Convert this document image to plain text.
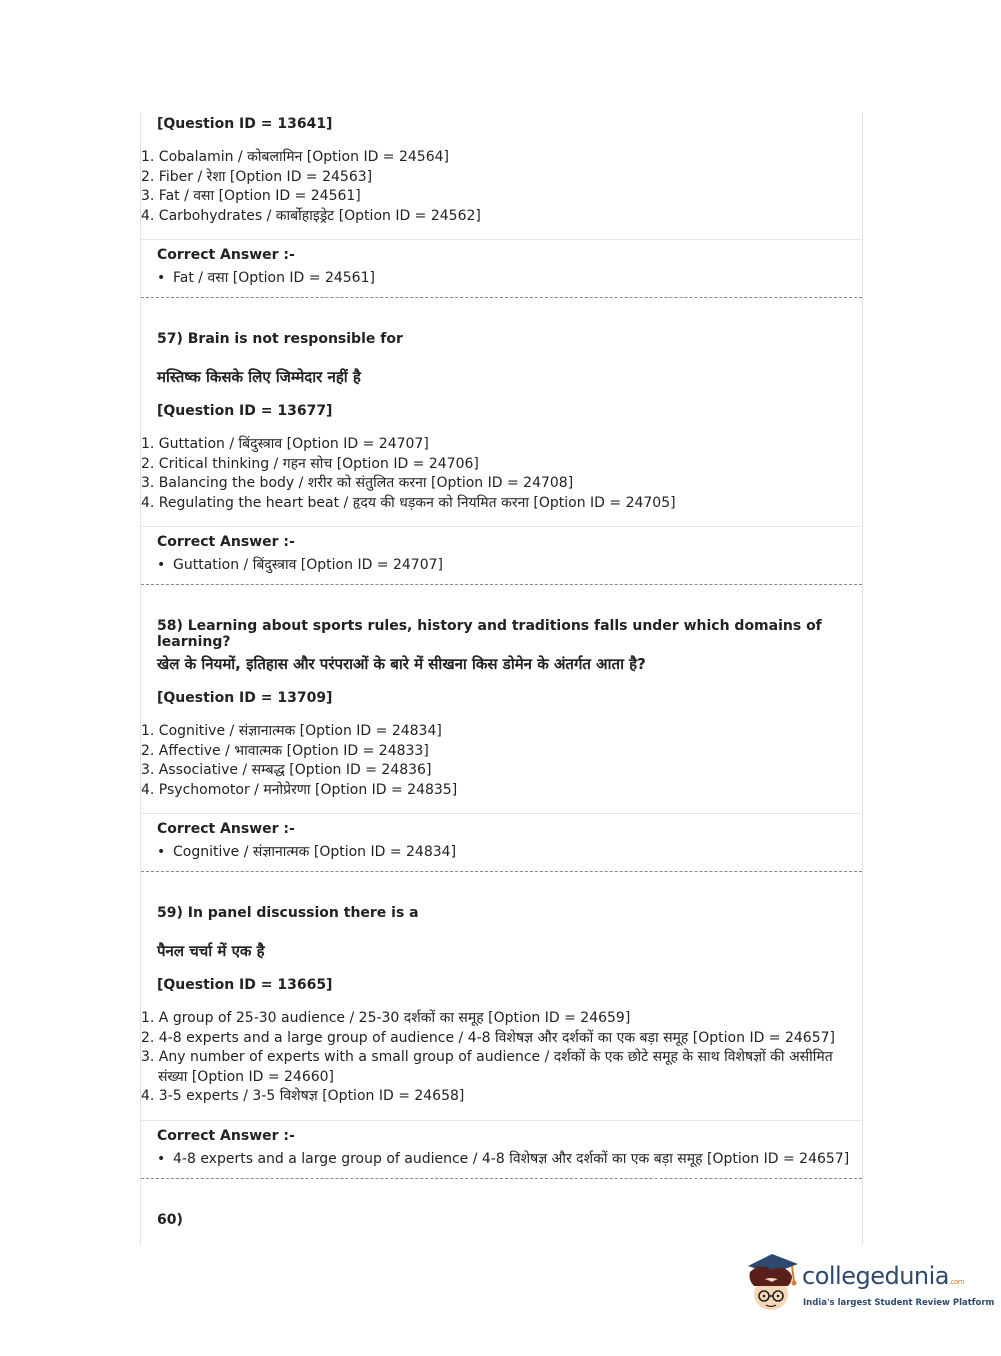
[Question ID = 13641]
1. Cobalamin / कोबलामिन [Option ID = 24564]
2. Fiber / रेशा [Option ID = 24563]
3. Fat / वसा [Option ID = 24561]
4. Carbohydrates / कार्बोहाइड्रेट [Option ID = 24562]
Correct Answer :-
• Fat / वसा [Option ID = 24561]
57) Brain is not responsible for
मस्तिष्क किसके लिए जिम्मेदार नहीं है
[Question ID = 13677]
1. Guttation / बिंदुस्त्राव [Option ID = 24707]
2. Critical thinking / गहन सोच [Option ID = 24706]
3. Balancing the body / शरीर को संतुलित करना [Option ID = 24708]
4. Regulating the heart beat / हृदय की धड़कन को नियमित करना [Option ID = 24705]
Correct Answer :-
• Guttation / बिंदुस्त्राव [Option ID = 24707]
58) Learning about sports rules, history and traditions falls under which domains of learning?
खेल के नियमों, इतिहास और परंपराओं के बारे में सीखना किस डोमेन के अंतर्गत आता है?
[Question ID = 13709]
1. Cognitive / संज्ञानात्मक [Option ID = 24834]
2. Affective / भावात्मक [Option ID = 24833]
3. Associative / सम्बद्ध [Option ID = 24836]
4. Psychomotor / मनोप्रेरणा [Option ID = 24835]
Correct Answer :-
• Cognitive / संज्ञानात्मक [Option ID = 24834]
59) In panel discussion there is a
पैनल चर्चा में एक है
[Question ID = 13665]
1. A group of 25-30 audience / 25-30 दर्शकों का समूह [Option ID = 24659]
2. 4-8 experts and a large group of audience / 4-8 विशेषज्ञ और दर्शकों का एक बड़ा समूह [Option ID = 24657]
3. Any number of experts with a small group of audience / दर्शकों के एक छोटे समूह के साथ विशेषज्ञों की असीमित
संख्या [Option ID = 24660]
4. 3-5 experts / 3-5 विशेषज्ञ [Option ID = 24658]
Correct Answer :-
• 4-8 experts and a large group of audience / 4-8 विशेषज्ञ और दर्शकों का एक बड़ा समूह [Option ID = 24657]
60)
collegedunia.com
India's largest Student Review Platform
